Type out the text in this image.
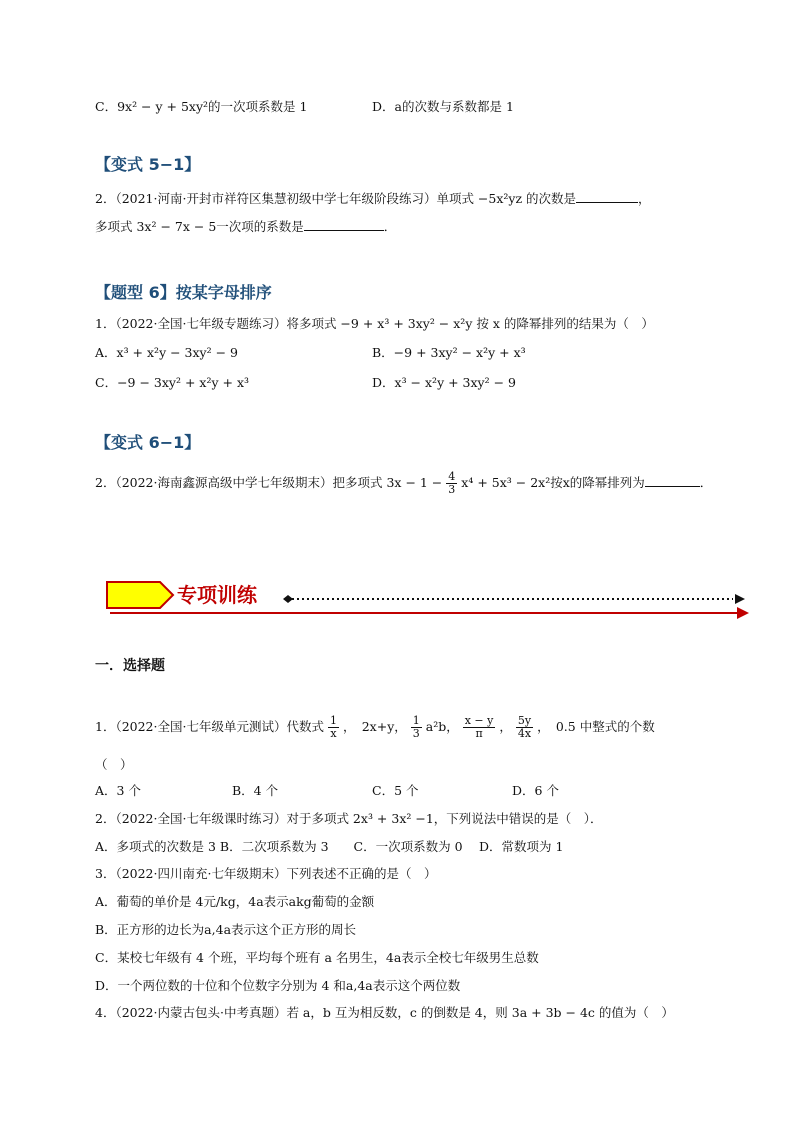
C．9x² − y + 5xy²的一次项系数是 1	D．a的次数与系数都是 1
【变式 5−1】
2．（2021·河南·开封市祥符区集慧初级中学七年级阶段练习）单项式 −5x²yz 的次数是	，
多项式 3x² − 7x − 5一次项的系数是	．
【题型 6】按某字母排序
1．（2022·全国·七年级专题练习）将多项式 −9 + x³ + 3xy² − x²y 按 x 的降幂排列的结果为（　）
A．x³ + x²y − 3xy² − 9	B．−9 + 3xy² − x²y + x³
C．−9 − 3xy² + x²y + x³	D．x³ − x²y + 3xy² − 9
【变式 6−1】
2．（2022·海南鑫源高级中学七年级期末）把多项式 $3x - 1 - \frac{4}{3} x^4 + 5x^3 - 2x^2$按x的降幂排列为	．
专项训练
一．选择题
1．（2022·全国·七年级单元测试）代数式 $\frac{1}{x}$ ，　2x+y， $\frac{1}{3} a^2b$， $\frac{x - y}{\pi}$ ， $\frac{5y}{4x}$ ，　0.5 中整式的个数
（　）
A．3 个	B．4 个	C．5 个	D．6 个
2．（2022·全国·七年级课时练习）对于多项式 2x³ + 3x² −1，下列说法中错误的是（　）．
A．多项式的次数是 3 B．二次项系数为 3　　C．一次项系数为 0　 D．常数项为 1
3．（2022·四川南充·七年级期末）下列表述不正确的是（　）
A．葡萄的单价是 4元/kg，4a表示akg葡萄的金额
B．正方形的边长为a,4a表示这个正方形的周长
C．某校七年级有 4 个班，平均每个班有 a 名男生，4a表示全校七年级男生总数
D．一个两位数的十位和个位数字分别为 4 和a,4a表示这个两位数
4．（2022·内蒙古包头·中考真题）若 a，b 互为相反数，c 的倒数是 4，则 3a + 3b − 4c 的值为（　）
